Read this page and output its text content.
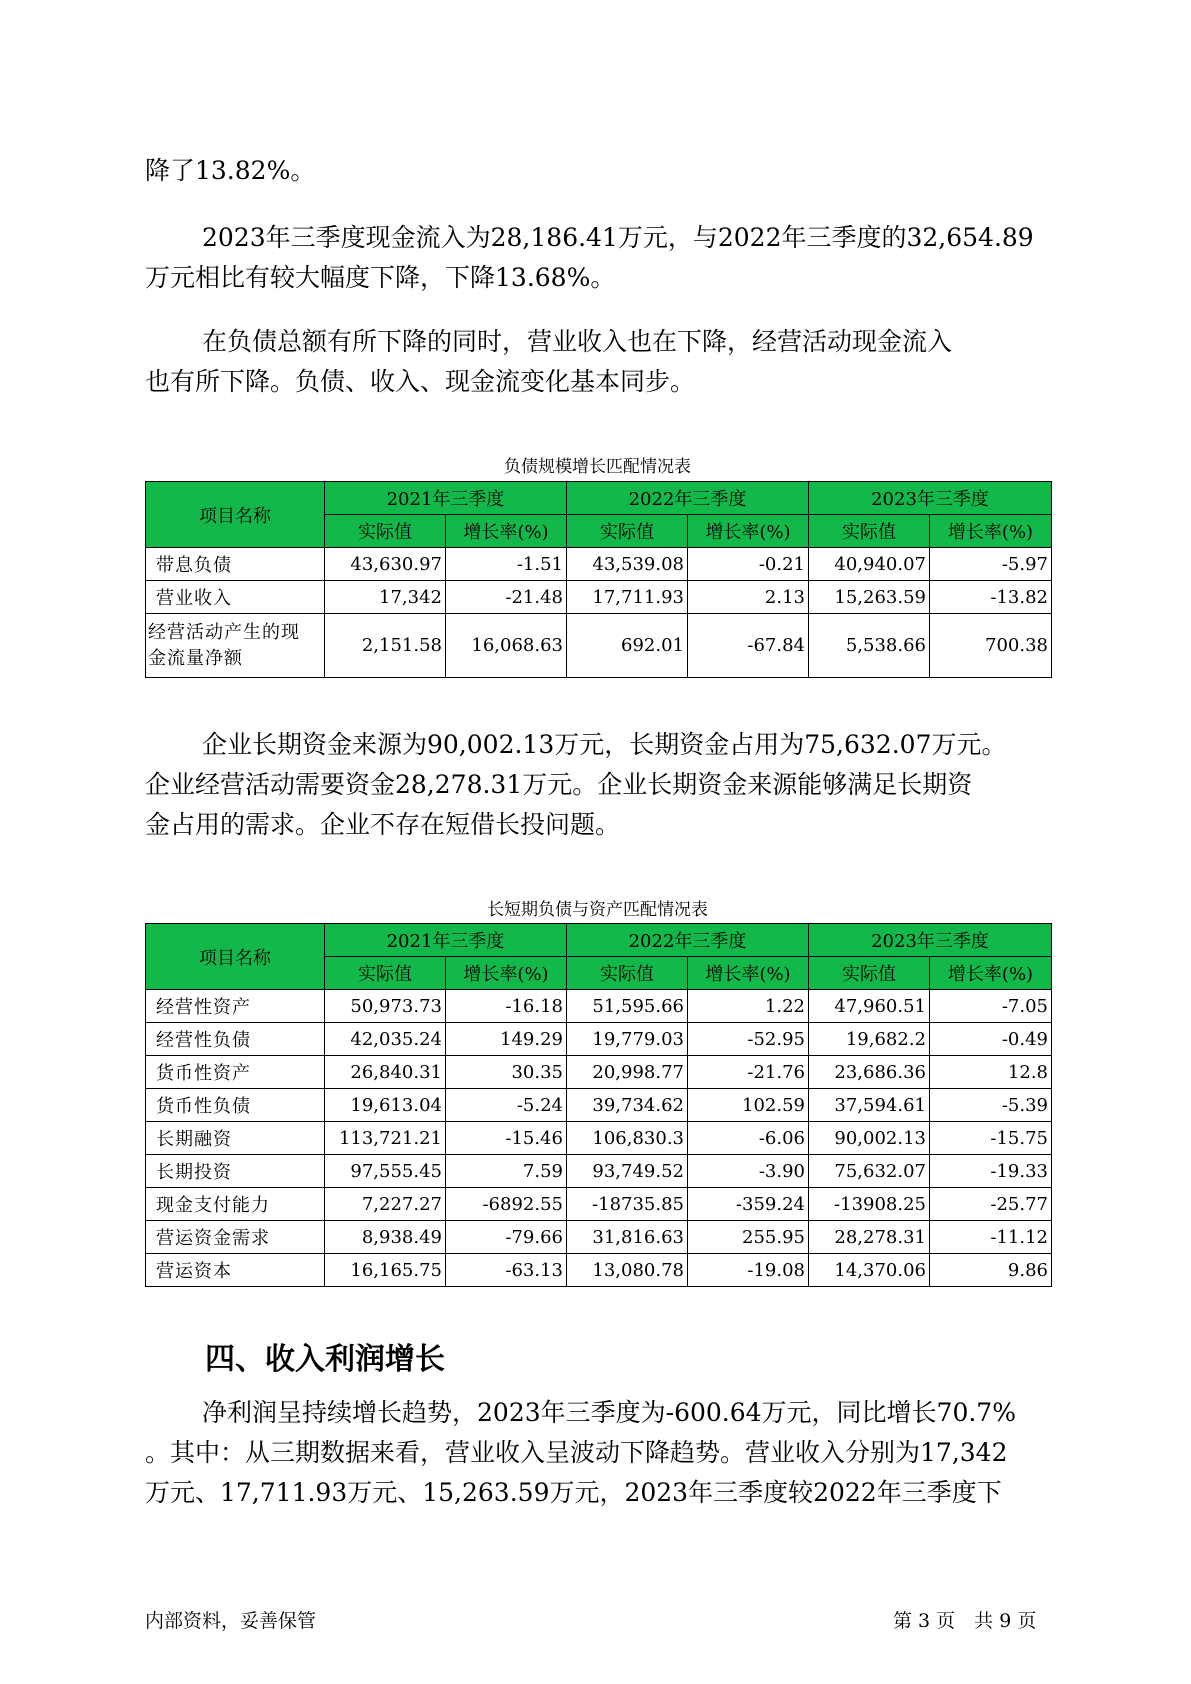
降了13.82%。

2023年三季度现金流入为28,186.41万元，与2022年三季度的32,654.89
万元相比有较大幅度下降，下降13.68%。

在负债总额有所下降的同时，营业收入也在下降，经营活动现金流入
也有所下降。负债、收入、现金流变化基本同步。

负债规模增长匹配情况表
项目名称	2021年三季度		2022年三季度		2023年三季度	
	实际值	增长率(%)	实际值	增长率(%)	实际值	增长率(%)
带息负债	43,630.97	-1.51	43,539.08	-0.21	40,940.07	-5.97
营业收入	17,342	-21.48	17,711.93	2.13	15,263.59	-13.82
经营活动产生的现金流量净额	2,151.58	16,068.63	692.01	-67.84	5,538.66	700.38

企业长期资金来源为90,002.13万元，长期资金占用为75,632.07万元。
企业经营活动需要资金28,278.31万元。企业长期资金来源能够满足长期资
金占用的需求。企业不存在短借长投问题。

长短期负债与资产匹配情况表
项目名称	2021年三季度		2022年三季度		2023年三季度	
	实际值	增长率(%)	实际值	增长率(%)	实际值	增长率(%)
经营性资产	50,973.73	-16.18	51,595.66	1.22	47,960.51	-7.05
经营性负债	42,035.24	149.29	19,779.03	-52.95	19,682.2	-0.49
货币性资产	26,840.31	30.35	20,998.77	-21.76	23,686.36	12.8
货币性负债	19,613.04	-5.24	39,734.62	102.59	37,594.61	-5.39
长期融资	113,721.21	-15.46	106,830.3	-6.06	90,002.13	-15.75
长期投资	97,555.45	7.59	93,749.52	-3.90	75,632.07	-19.33
现金支付能力	7,227.27	-6892.55	-18735.85	-359.24	-13908.25	-25.77
营运资金需求	8,938.49	-79.66	31,816.63	255.95	28,278.31	-11.12
营运资本	16,165.75	-63.13	13,080.78	-19.08	14,370.06	9.86
四、收入利润增长

净利润呈持续增长趋势，2023年三季度为-600.64万元，同比增长70.7%
。其中：从三期数据来看，营业收入呈波动下降趋势。营业收入分别为17,342
万元、17,711.93万元、15,263.59万元，2023年三季度较2022年三季度下

内部资料，妥善保管	第 3 页　共 9 页
